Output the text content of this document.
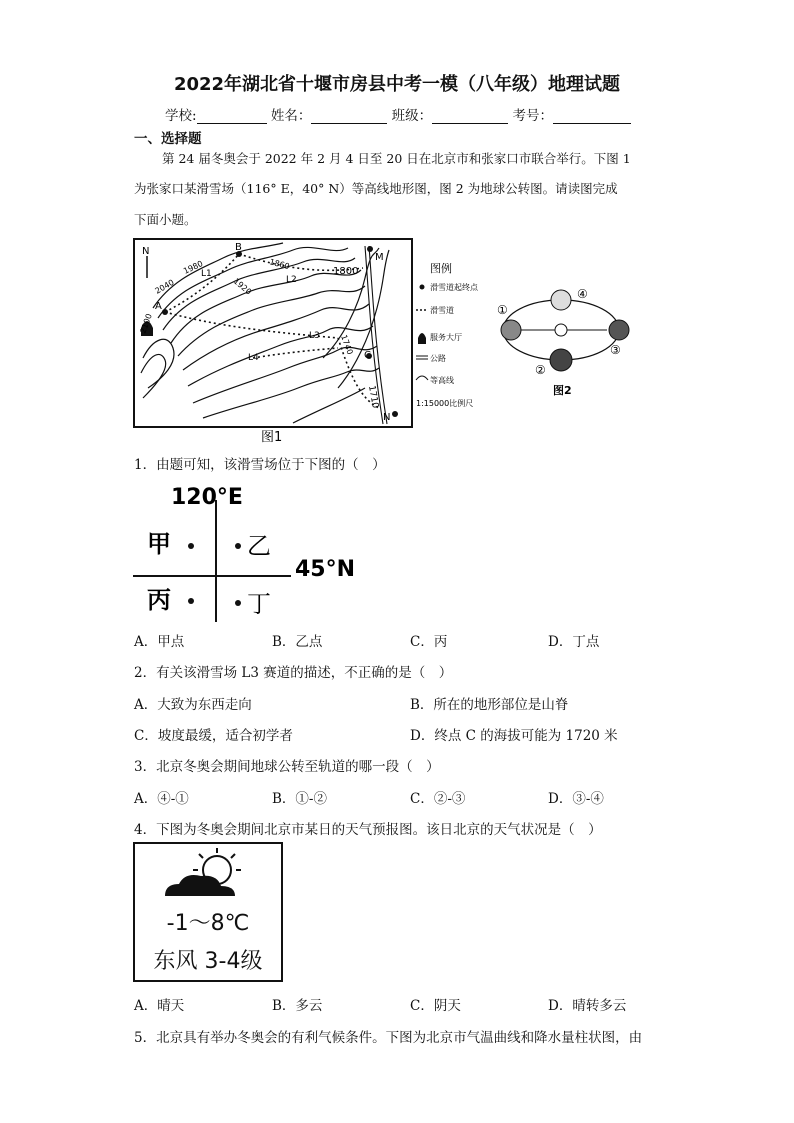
2022年湖北省十堰市房县中考一模（八年级）地理试题
学校:	姓名：	班级：	考号：
一、选择题
第 24 届冬奥会于 2022 年 2 月 4 日至 20 日在北京市和张家口市联合举行。下图 1
为张家口某滑雪场（116° E，40° N）等高线地形图，图 2 为地球公转图。请读图完成
下面小题。
N
A
B
M
C
N
1980
1920
2040
1860
1800
2100
1740
1710
L1
L2
L3
L4
图1
图例
滑雪道起终点
滑雪道
服务大厅
公路
等高线
1:15000比例尺
①
②
③
④
图2
1．由题可知，该滑雪场位于下图的（　）
120°E
45°N
甲	乙
丙	丁
A．甲点	B．乙点	C．丙	D．丁点
2．有关该滑雪场 L3 赛道的描述，不正确的是（　）
A．大致为东西走向	B．所在的地形部位是山脊
C．坡度最缓，适合初学者	D．终点 C 的海拔可能为 1720 米
3．北京冬奥会期间地球公转至轨道的哪一段（　）
A．④-①	B．①-②	C．②-③	D．③-④
4．下图为冬奥会期间北京市某日的天气预报图。该日北京的天气状况是（　）
-1～8℃
东风 3-4级
A．晴天	B．多云	C．阴天	D．晴转多云
5．北京具有举办冬奥会的有利气候条件。下图为北京市气温曲线和降水量柱状图，由
